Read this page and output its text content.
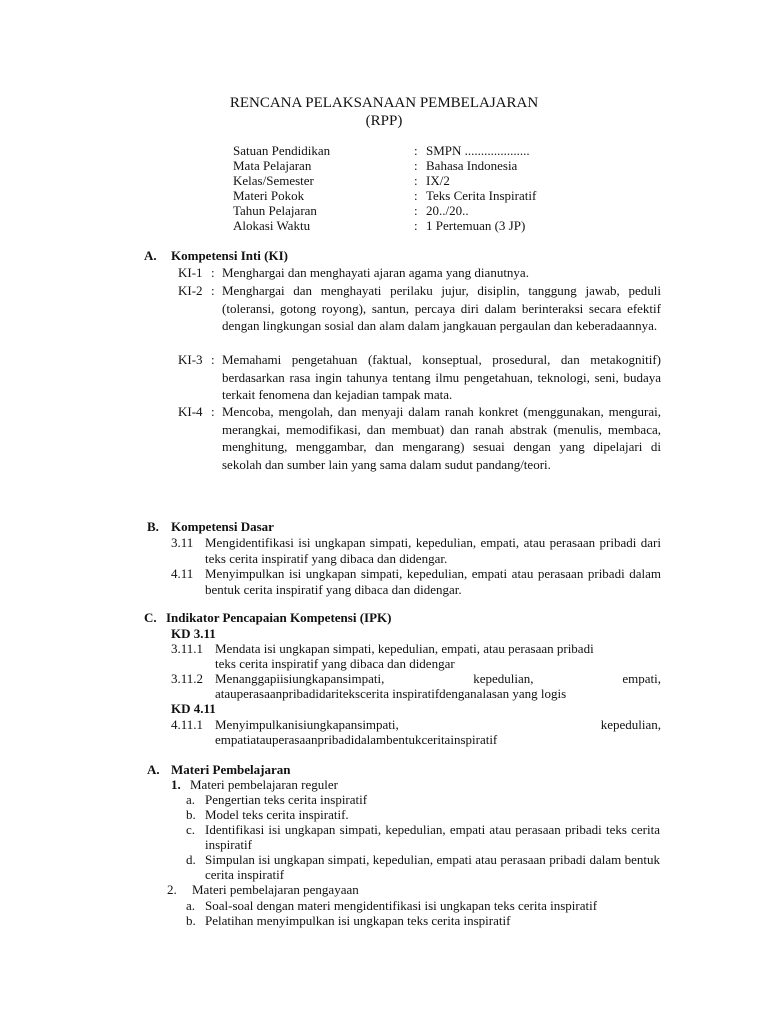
RENCANA PELAKSANAAN PEMBELAJARAN
(RPP)
Satuan Pendidikan	: SMPN ....................
Mata Pelajaran	: Bahasa Indonesia
Kelas/Semester	: IX/2
Materi Pokok	: Teks Cerita Inspiratif
Tahun Pelajaran	: 20../20..
Alokasi Waktu	: 1 Pertemuan (3 JP)
A.	Kompetensi Inti (KI)
KI-1 : Menghargai dan menghayati ajaran agama yang dianutnya.
KI-2 : Menghargai dan menghayati perilaku jujur, disiplin, tanggung jawab, peduli (toleransi, gotong royong), santun, percaya diri dalam berinteraksi secara efektif dengan lingkungan sosial dan alam dalam jangkauan pergaulan dan keberadaannya.
KI-3 : Memahami pengetahuan (faktual, konseptual, prosedural, dan metakognitif) berdasarkan rasa ingin tahunya tentang ilmu pengetahuan, teknologi, seni, budaya terkait fenomena dan kejadian tampak mata.
KI-4 : Mencoba, mengolah, dan menyaji dalam ranah konkret (menggunakan, mengurai, merangkai, memodifikasi, dan membuat) dan ranah abstrak (menulis, membaca, menghitung, menggambar, dan mengarang) sesuai dengan yang dipelajari di sekolah dan sumber lain yang sama dalam sudut pandang/teori.
B. Kompetensi Dasar
3.11 Mengidentifikasi isi ungkapan simpati, kepedulian, empati, atau perasaan pribadi dari teks cerita inspiratif yang dibaca dan didengar.
4.11 Menyimpulkan isi ungkapan simpati, kepedulian, empati atau perasaan pribadi dalam bentuk cerita inspiratif yang dibaca dan didengar.
C. Indikator Pencapaian Kompetensi (IPK)
KD 3.11
3.11.1 Mendata isi ungkapan simpati, kepedulian, empati, atau perasaan pribadi
teks cerita inspiratif yang dibaca dan didengar
3.11.2 Menanggapiisiungkapansimpati, kepedulian, empati,
atauperasaanpribadidaritekscerita inspiratifdenganalasan yang logis
KD 4.11
4.11.1 Menyimpulkanisiungkapansimpati, kepedulian,
empatiatauperasaanpribadidalambentukceritainspiratif
A. Materi Pembelajaran
1. Materi pembelajaran reguler
a. Pengertian teks cerita inspiratif
b. Model teks cerita inspiratif.
c. Identifikasi isi ungkapan simpati, kepedulian, empati atau perasaan pribadi teks cerita inspiratif
d. Simpulan isi ungkapan simpati, kepedulian, empati atau perasaan pribadi dalam bentuk cerita inspiratif
2. Materi pembelajaran pengayaan
a. Soal-soal dengan materi mengidentifikasi isi ungkapan teks cerita inspiratif
b. Pelatihan menyimpulkan isi ungkapan teks cerita inspiratif
